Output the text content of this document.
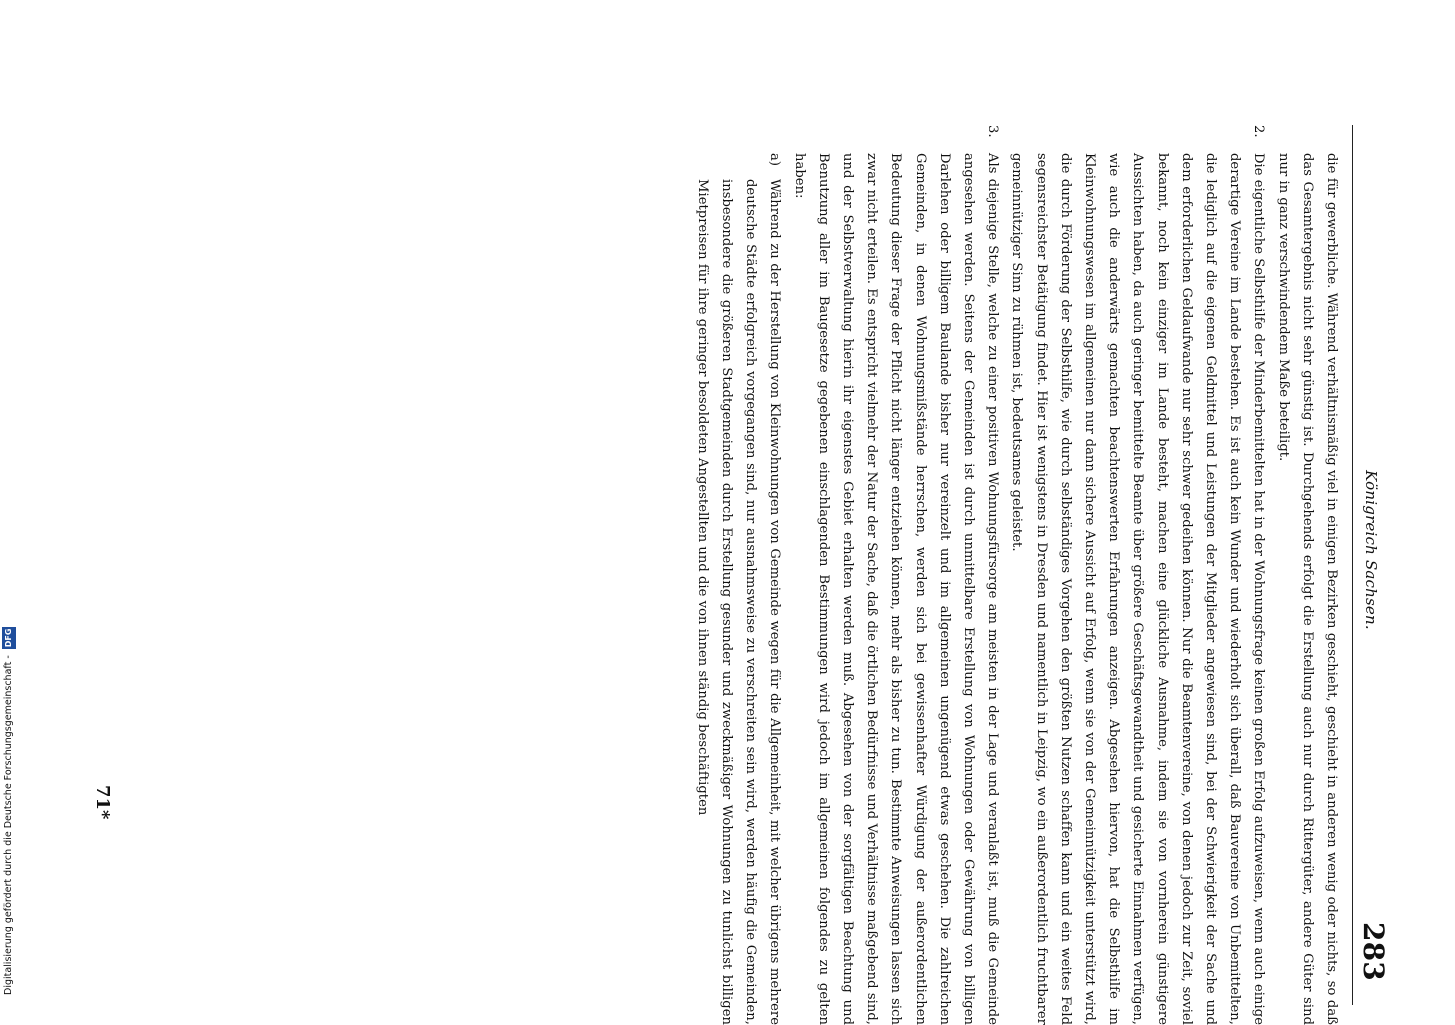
Königreich Sachsen.
283

die für gewerbliche. Während verhältnismäßig viel in einigen Bezirken geschieht, geschieht in anderen wenig oder nichts, so daß das Gesamtergebnis nicht sehr günstig ist. Durchgehends erfolgt die Erstellung auch nur durch Rittergüter, andere Güter sind nur in ganz verschwindendem Maße beteiligt.

2.
Die eigentliche Selbsthilfe der Minderbemittelten hat in der Wohnungsfrage keinen großen Erfolg aufzuweisen, wenn auch einige derartige Vereine im Lande bestehen. Es ist auch kein Wunder und wiederholt sich überall, daß Bauvereine von Unbemittelten, die lediglich auf die eigenen Geldmittel und Leistungen der Mitglieder angewiesen sind, bei der Schwierigkeit der Sache und dem erforderlichen Geldaufwande nur sehr schwer gedeihen können. Nur die Beamtenvereine, von denen jedoch zur Zeit, soviel bekannt, noch kein einziger im Lande besteht, machen eine glückliche Ausnahme, indem sie von vornherein günstigere Aussichten haben, da auch geringer bemittelte Beamte über größere Geschäftsgewandtheit und gesicherte Einnahmen verfügen, wie auch die anderwärts gemachten beachtenswerten Erfahrungen anzeigen. Abgesehen hiervon, hat die Selbsthilfe im Kleinwohnungswesen im allgemeinen nur dann sichere Aussicht auf Erfolg, wenn sie von der Gemeinnützigkeit unterstützt wird, die durch Förderung der Selbsthilfe, wie durch selbständiges Vorgehen den größten Nutzen schaffen kann und ein weites Feld segensreichster Betätigung findet. Hier ist wenigstens in Dresden und namentlich in Leipzig, wo ein außerordentlich fruchtbarer gemeinnütziger Sinn zu rühmen ist, bedeutsames geleistet.

3.
Als diejenige Stelle, welche zu einer positiven Wohnungsfürsorge am meisten in der Lage und veranlaßt ist, muß die Gemeinde angesehen werden. Seitens der Gemeinden ist durch unmittelbare Erstellung von Wohnungen oder Gewährung von billigen Darlehen oder billigem Baulande bisher nur vereinzelt und im allgemeinen ungenügend etwas geschehen. Die zahlreichen Gemeinden, in denen Wohnungsmißstände herrschen, werden sich bei gewissenhafter Würdigung der außerordentlichen Bedeutung dieser Frage der Pflicht nicht länger entziehen können, mehr als bisher zu tun. Bestimmte Anweisungen lassen sich zwar nicht erteilen. Es entspricht vielmehr der Natur der Sache, daß die örtlichen Bedürfnisse und Verhältnisse maßgebend sind, und der Selbstverwaltung hierin ihr eigenstes Gebiet erhalten werden muß. Abgesehen von der sorgfältigen Beachtung und Benutzung aller im Baugesetze gegebenen einschlagenden Bestimmungen wird jedoch im allgemeinen folgendes zu gelten haben:

a)
Während zu der Herstellung von Kleinwohnungen von Gemeinde wegen für die Allgemeinheit, mit welcher übrigens mehrere deutsche Städte erfolgreich vorgegangen sind, nur ausnahmsweise zu verschreiten sein wird, werden häufig die Gemeinden, insbesondere die größeren Stadtgemeinden durch Erstellung gesunder und zweckmäßiger Wohnungen zu tunlichst billigen Mietpreisen für ihre geringer besoldeten Angestellten und die von ihnen ständig beschäftigten

71*
Digitalisierung gefördert durch die Deutsche Forschungsgemeinschaft - DFG
